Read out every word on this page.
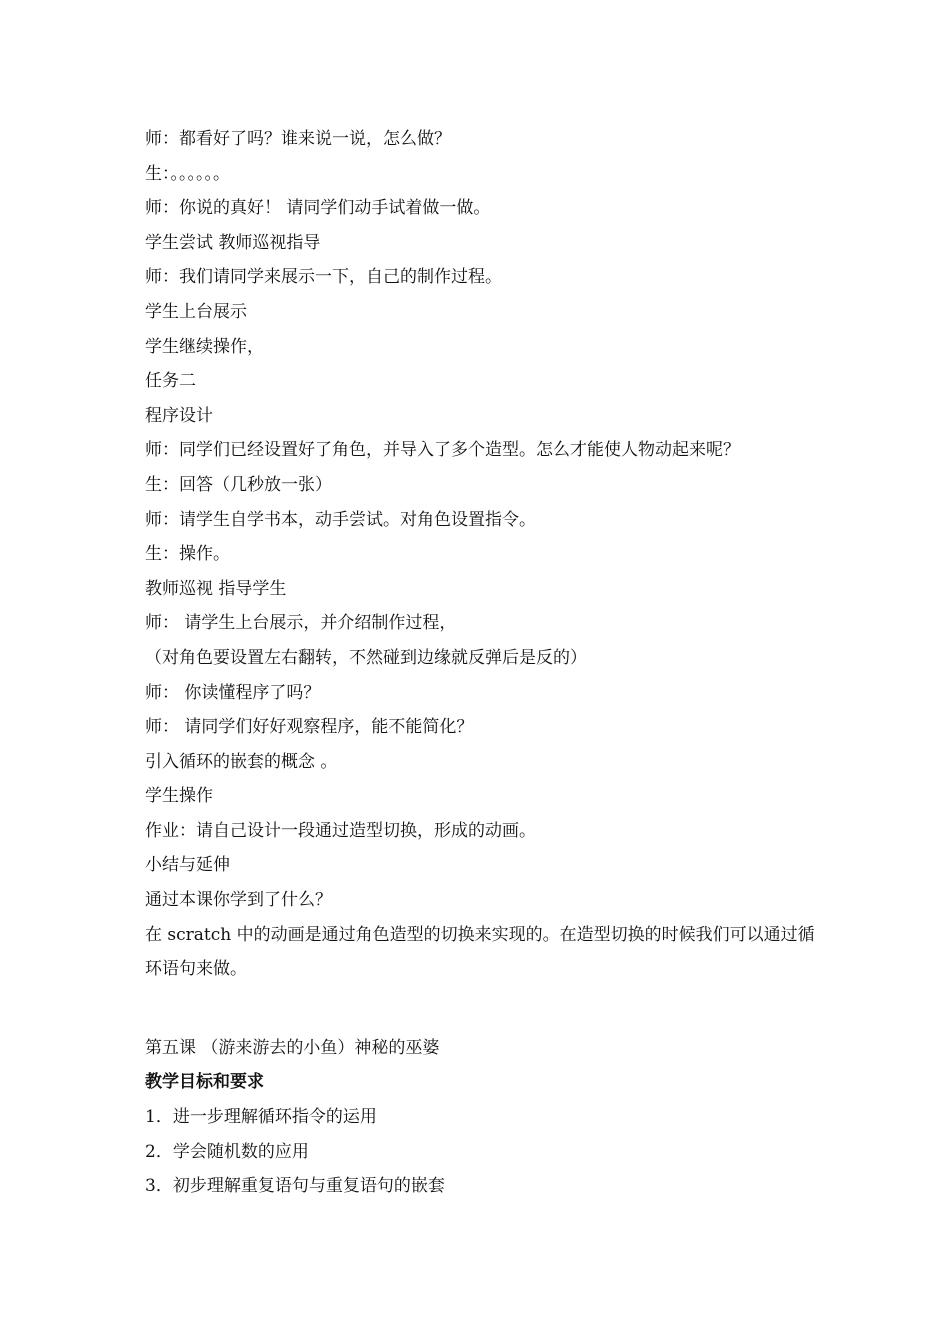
师：都看好了吗？谁来说一说，怎么做？
生：。。。。。。
师：你说的真好！ 请同学们动手试着做一做。
学生尝试 教师巡视指导
师：我们请同学来展示一下，自己的制作过程。
学生上台展示
学生继续操作，
任务二
程序设计
师：同学们已经设置好了角色，并导入了多个造型。怎么才能使人物动起来呢？
生：回答（几秒放一张）
师：请学生自学书本，动手尝试。对角色设置指令。
生：操作。
教师巡视 指导学生
师： 请学生上台展示，并介绍制作过程，
（对角色要设置左右翻转，不然碰到边缘就反弹后是反的）
师： 你读懂程序了吗？
师： 请同学们好好观察程序，能不能简化？
引入循环的嵌套的概念 。
学生操作
作业：请自己设计一段通过造型切换，形成的动画。
小结与延伸
通过本课你学到了什么？
在 scratch 中的动画是通过角色造型的切换来实现的。在造型切换的时候我们可以通过循环语句来做。
第五课 （游来游去的小鱼）神秘的巫婆
教学目标和要求
1．进一步理解循环指令的运用
2．学会随机数的应用
3．初步理解重复语句与重复语句的嵌套
